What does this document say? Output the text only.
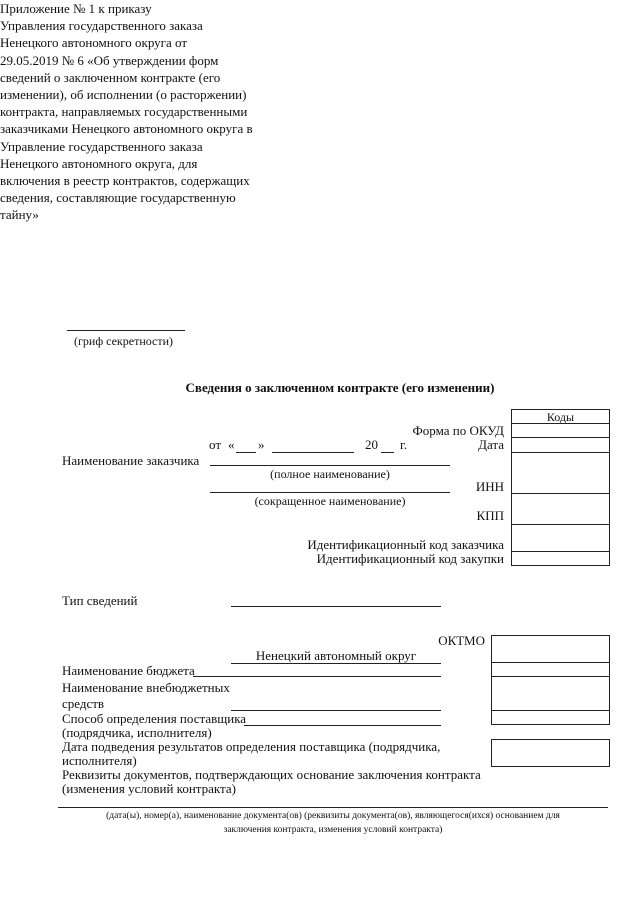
Приложение № 1 к приказу
Управления государственного заказа
Ненецкого автономного округа от
29.05.2019 № 6 «Об утверждении форм
сведений о заключенном контракте (его
изменении), об исполнении (о расторжении)
контракта, направляемых государственными
заказчиками Ненецкого автономного округа в
Управление государственного заказа
Ненецкого автономного округа, для
включения в реестр контрактов, содержащих
сведения, составляющие государственную
тайну»
(гриф секретности)
Сведения о заключенном контракте (его изменении)
Коды
Форма по ОКУД
Дата
ИНН
КПП
Идентификационный код заказчика
Идентификационный код закупки
от « »	20 г.
Наименование заказчика
(полное наименование)
(сокращенное наименование)
Тип сведений
ОКТМО
Ненецкий автономный округ
Наименование бюджета
Наименование внебюджетных
средств
Способ определения поставщика
(подрядчика, исполнителя)
Дата подведения результатов определения поставщика (подрядчика,
исполнителя)
Реквизиты документов, подтверждающих основание заключения контракта
(изменения условий контракта)
(дата(ы), номер(а), наименование документа(ов) (реквизиты документа(ов), являющегося(ихся) основанием для
заключения контракта, изменения условий контракта)
